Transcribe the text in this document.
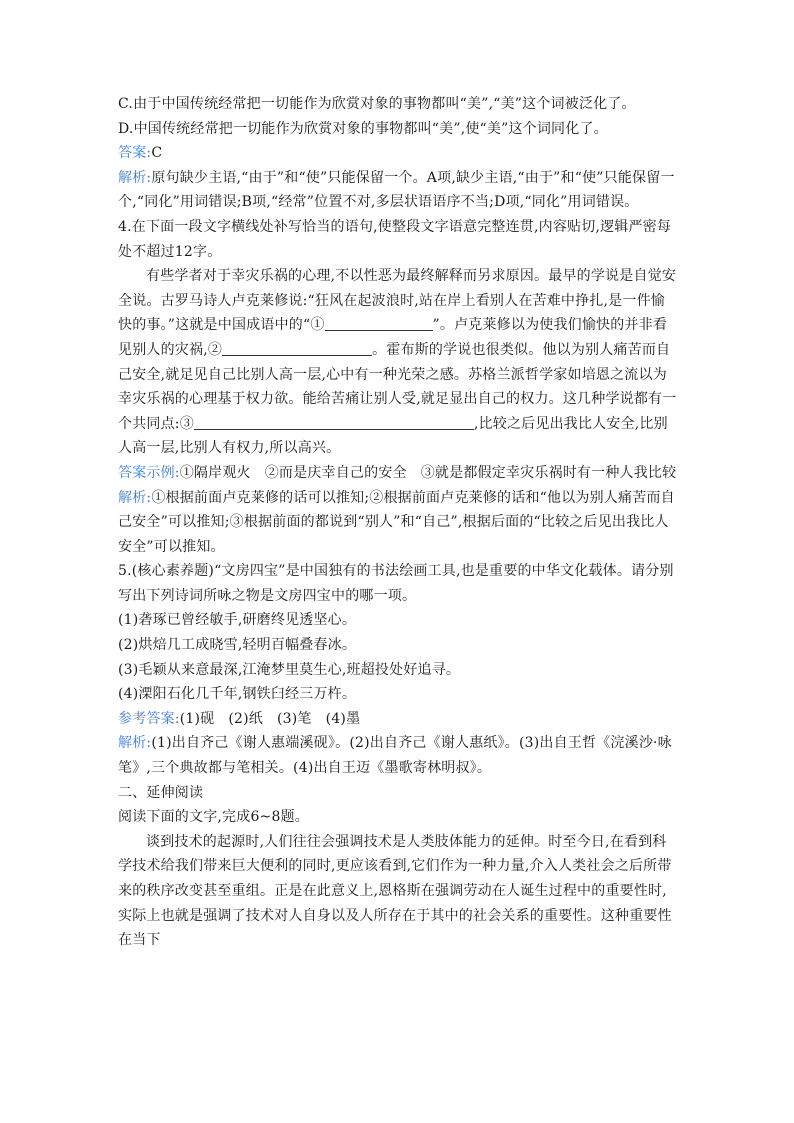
C.由于中国传统经常把一切能作为欣赏对象的事物都叫“美”,“美”这个词被泛化了。

D.中国传统经常把一切能作为欣赏对象的事物都叫“美”,使“美”这个词同化了。

答案:C

解析:原句缺少主语,“由于”和“使”只能保留一个。A项,缺少主语,“由于”和“使”只能保留一个,“同化”用词错误;B项,“经常”位置不对,多层状语语序不当;D项,“同化”用词错误。

4.在下面一段文字横线处补写恰当的语句,使整段文字语意完整连贯,内容贴切,逻辑严密每处不超过12字。

有些学者对于幸灾乐祸的心理,不以性恶为最终解释而另求原因。最早的学说是自觉安全说。古罗马诗人卢克莱修说:“狂风在起波浪时,站在岸上看别人在苦难中挣扎,是一件愉快的事。”这就是中国成语中的“①	”。卢克莱修以为使我们愉快的并非看见别人的灾祸,②	。霍布斯的学说也很类似。他以为别人痛苦而自己安全,就足见自己比别人高一层,心中有一种光荣之感。苏格兰派哲学家如培恩之流以为幸灾乐祸的心理基于权力欲。能给苦痛让别人受,就足显出自己的权力。这几种学说都有一个共同点:③	,比较之后见出我比人安全,比别人高一层,比别人有权力,所以高兴。

答案示例:①隔岸观火 ②而是庆幸自己的安全 ③就是都假定幸灾乐祸时有一种人我比较

解析:①根据前面卢克莱修的话可以推知;②根据前面卢克莱修的话和“他以为别人痛苦而自己安全”可以推知;③根据前面的都说到“别人”和“自己”,根据后面的“比较之后见出我比人安全”可以推知。

5.(核心素养题)“文房四宝”是中国独有的书法绘画工具,也是重要的中华文化载体。请分别写出下列诗词所咏之物是文房四宝中的哪一项。

(1)砻琢已曾经敏手,研磨终见透坚心。

(2)烘焙几工成晓雪,轻明百幅叠春冰。

(3)毛颖从来意最深,江淹梦里莫生心,班超投处好追寻。

(4)溧阳石化几千年,钢铁臼经三万杵。

参考答案:(1)砚 (2)纸 (3)笔 (4)墨

解析:(1)出自齐己《谢人惠端溪砚》。(2)出自齐己《谢人惠纸》。(3)出自王哲《浣溪沙·咏笔》,三个典故都与笔相关。(4)出自王迈《墨歌寄林明叔》。

二、延伸阅读

阅读下面的文字,完成6~8题。

谈到技术的起源时,人们往往会强调技术是人类肢体能力的延伸。时至今日,在看到科学技术给我们带来巨大便利的同时,更应该看到,它们作为一种力量,介入人类社会之后所带来的秩序改变甚至重组。正是在此意义上,恩格斯在强调劳动在人诞生过程中的重要性时,实际上也就是强调了技术对人自身以及人所存在于其中的社会关系的重要性。这种重要性在当下
